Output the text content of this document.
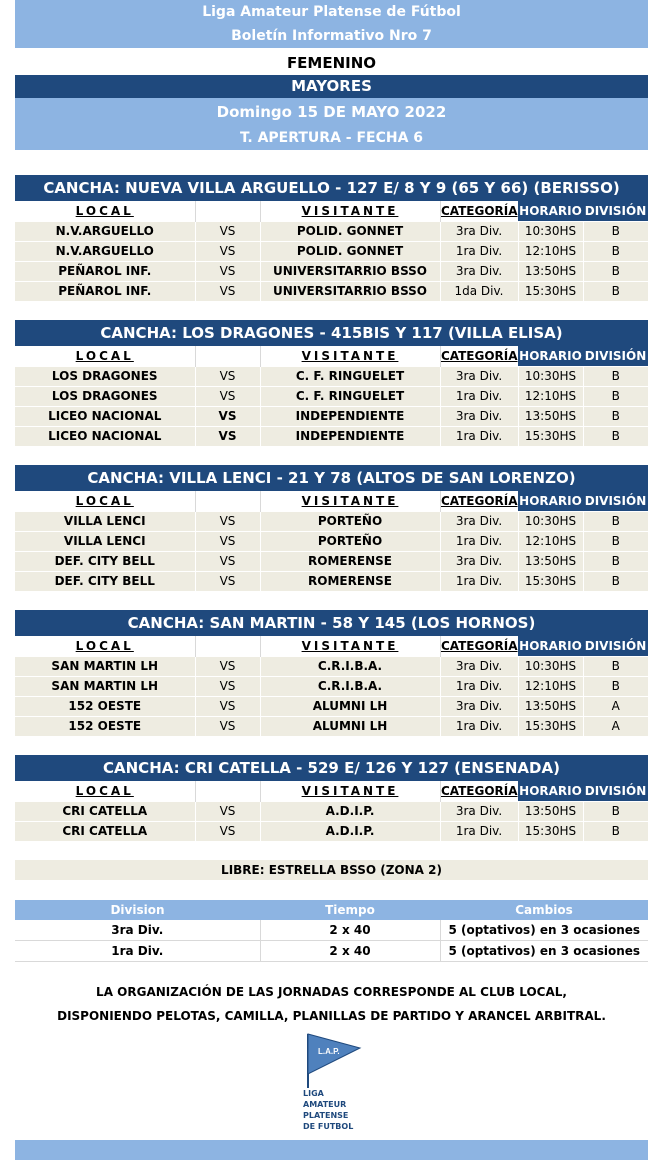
Liga Amateur Platense de Fútbol
Boletín Informativo Nro 7
FEMENINO
MAYORES
Domingo 15 DE MAYO 2022
T. APERTURA - FECHA 6
CANCHA: NUEVA VILLA ARGUELLO - 127 E/ 8 Y 9 (65 Y 66) (BERISSO)
LOCAL		VISITANTE	CATEGORÍA	HORARIO	DIVISIÓN
N.V.ARGUELLO	VS	POLID. GONNET	3ra Div.	10:30HS	B
N.V.ARGUELLO	VS	POLID. GONNET	1ra Div.	12:10HS	B
PEÑAROL INF.	VS	UNIVERSITARRIO BSSO	3ra Div.	13:50HS	B
PEÑAROL INF.	VS	UNIVERSITARRIO BSSO	1da Div.	15:30HS	B
CANCHA: LOS DRAGONES - 415BIS Y 117 (VILLA ELISA)
LOCAL		VISITANTE	CATEGORÍA	HORARIO	DIVISIÓN
LOS DRAGONES	VS	C. F. RINGUELET	3ra Div.	10:30HS	B
LOS DRAGONES	VS	C. F. RINGUELET	1ra Div.	12:10HS	B
LICEO NACIONAL	VS	INDEPENDIENTE	3ra Div.	13:50HS	B
LICEO NACIONAL	VS	INDEPENDIENTE	1ra Div.	15:30HS	B
CANCHA: VILLA LENCI - 21 Y 78 (ALTOS DE SAN LORENZO)
LOCAL		VISITANTE	CATEGORÍA	HORARIO	DIVISIÓN
VILLA LENCI	VS	PORTEÑO	3ra Div.	10:30HS	B
VILLA LENCI	VS	PORTEÑO	1ra Div.	12:10HS	B
DEF. CITY BELL	VS	ROMERENSE	3ra Div.	13:50HS	B
DEF. CITY BELL	VS	ROMERENSE	1ra Div.	15:30HS	B
CANCHA: SAN MARTIN - 58 Y 145 (LOS HORNOS)
LOCAL		VISITANTE	CATEGORÍA	HORARIO	DIVISIÓN
SAN MARTIN LH	VS	C.R.I.B.A.	3ra Div.	10:30HS	B
SAN MARTIN LH	VS	C.R.I.B.A.	1ra Div.	12:10HS	B
152 OESTE	VS	ALUMNI LH	3ra Div.	13:50HS	A
152 OESTE	VS	ALUMNI LH	1ra Div.	15:30HS	A
CANCHA: CRI CATELLA - 529 E/ 126 Y 127 (ENSENADA)
LOCAL		VISITANTE	CATEGORÍA	HORARIO	DIVISIÓN
CRI CATELLA	VS	A.D.I.P.	3ra Div.	13:50HS	B
CRI CATELLA	VS	A.D.I.P.	1ra Div.	15:30HS	B
LIBRE: ESTRELLA BSSO (ZONA 2)
Division	Tiempo	Cambios
3ra Div.	2 x 40	5 (optativos) en 3 ocasiones
1ra Div.	2 x 40	5 (optativos) en 3 ocasiones
LA ORGANIZACIÓN DE LAS JORNADAS CORRESPONDE AL CLUB LOCAL,
DISPONIENDO PELOTAS, CAMILLA, PLANILLAS DE PARTIDO Y ARANCEL ARBITRAL.
L.A.P.
LIGA
AMATEUR
PLATENSE
DE FUTBOL
